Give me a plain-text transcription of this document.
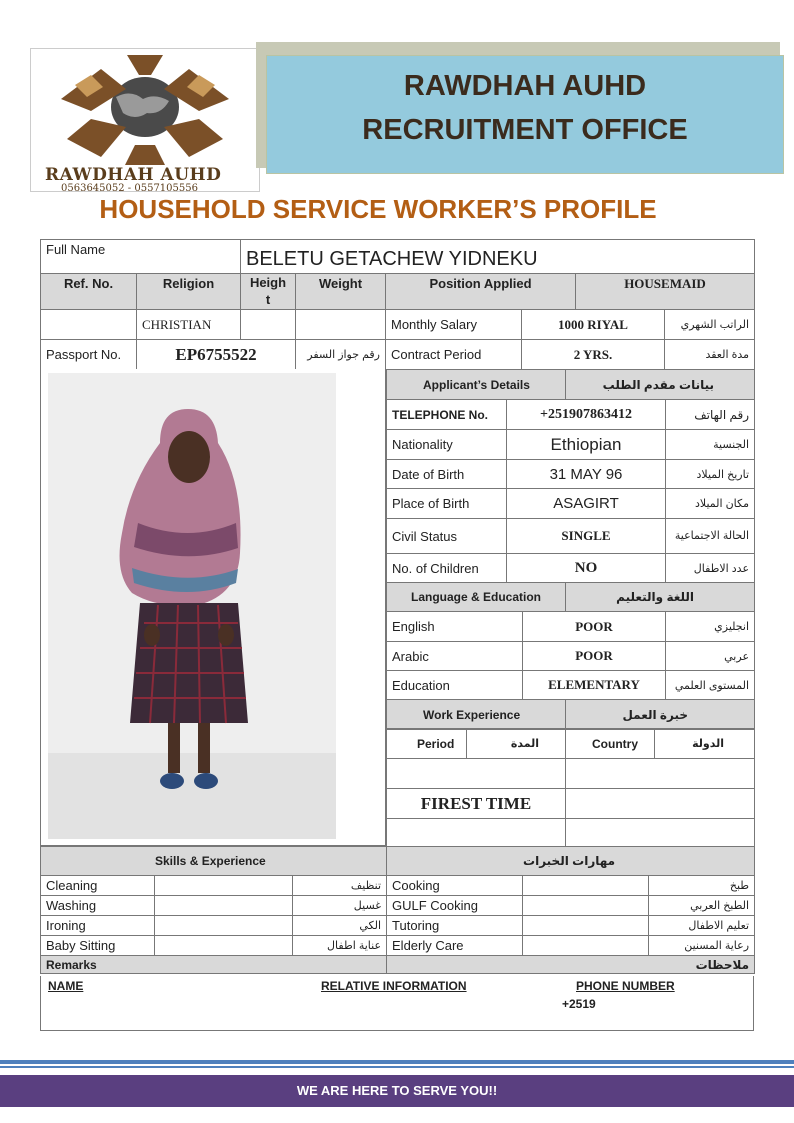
RAWDHAH AUHD
0563645052 - 0557105556
RAWDHAH AUHD
RECRUITMENT OFFICE
HOUSEHOLD SERVICE WORKER’S PROFILE
Full Name		BELETU GETACHEW YIDNEKU					
Ref. No.	Religion	Heigh t	Weight	Position Applied		HOUSEMAID	
	CHRISTIAN			Monthly Salary	1000 RIYAL		الراتب الشهري
Passport No.	EP6755522		رقم جواز السفر	Contract Period	2 YRS.		مدة العقد
Applicant’s Details			بيانات مقدم الطلب	
TELEPHONE No.	+251907863412			رقم الهاتف
Nationality	Ethiopian			الجنسية
Date of Birth	31 MAY 96			تاريخ الميلاد
Place of Birth	ASAGIRT			مكان الميلاد
Civil Status	SINGLE			الحالة الاجتماعية
No. of Children	NO			عدد الاطفال
Language & Education			اللغة والتعليم	
English		POOR		انجليزي
Arabic		POOR		عربي
Education		ELEMENTARY		المستوى العلمي
Work Experience			خبرة العمل	
Period	المدة	Country	الدولة

FIREST TIME			

Skills & Experience			مهارات الخبرات		
Cleaning		تنظيف	Cooking		طبخ
Washing		غسيل	GULF Cooking		الطبخ العربي
Ironing		الكي	Tutoring		تعليم الاطفال
Baby Sitting		عناية اطفال	Elderly Care		رعاية المسنين
Remarks			ملاحظات		
NAME	RELATIVE INFORMATION	PHONE NUMBER
+2519
WE ARE HERE TO SERVE YOU!!
